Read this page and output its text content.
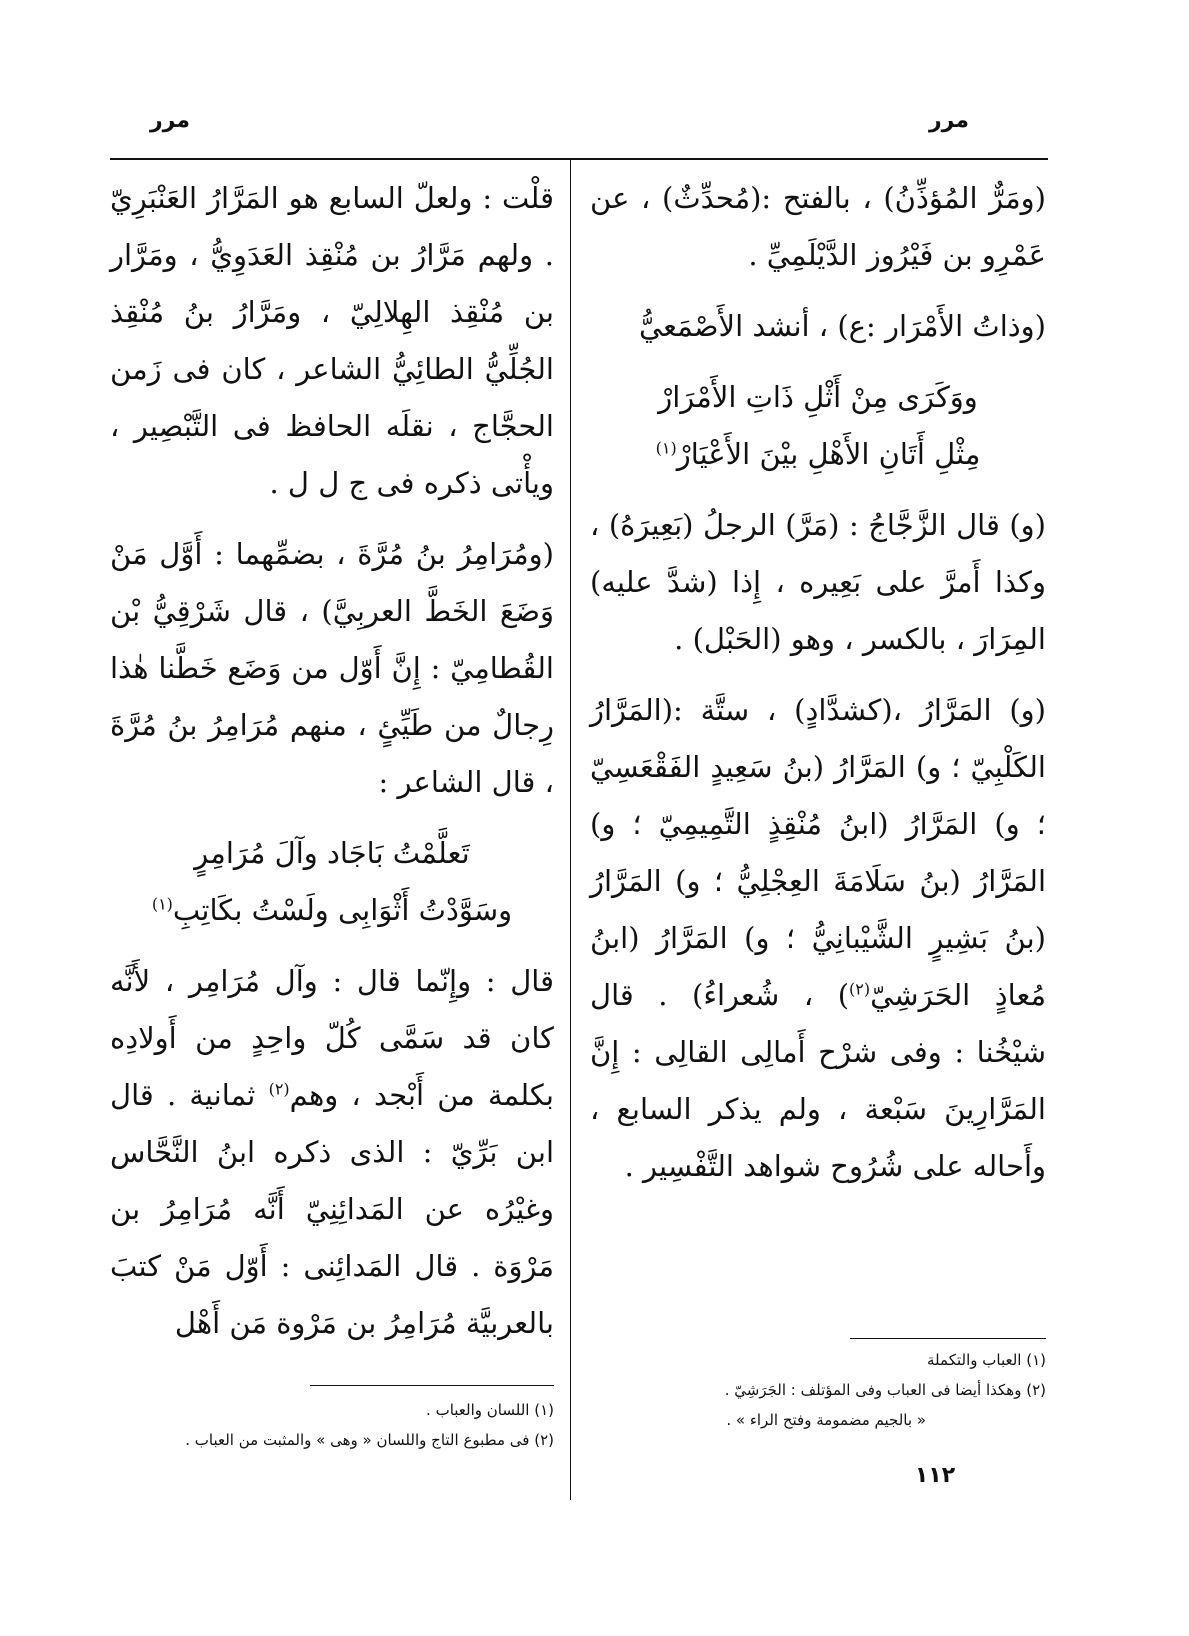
مرر
مرر

(ومَرٌّ المُؤذِّنُ) ، بالفتح :(مُحدِّثٌ) ، عن عَمْرِو بن فَيْرُوز الدَّيْلَمِيِّ .

(وذاتُ الأَمْرَار :ع) ، أنشد الأَصْمَعيُّ

ووَكَرَى مِنْ أَثْلِ ذَاتِ الأَمْرَارْ
مِثْلِ أَتَانِ الأَهْلِ بيْنَ الأَعْيَارْ$^{(١)}$

(و) قال الزَّجَّاجُ : (مَرَّ) الرجلُ (بَعِيرَهُ) ، وكذا أَمرَّ على بَعِيره ، إِذا (شدَّ عليه) المِرَارَ ، بالكسر ، وهو (الحَبْل) .

(و) المَرَّارُ ،(كشدَّادٍ) ، ستَّة :(المَرَّارُ الكَلْبِيّ ؛ و) المَرَّارُ (بنُ سَعِيدٍ الفَقْعَسِيّ ؛ و) المَرَّارُ (ابنُ مُنْقِذٍ التَّمِيمِيّ ؛ و) المَرَّارُ (بنُ سَلَامَةَ العِجْلِيُّ ؛ و) المَرَّارُ (بنُ بَشِيرٍ الشَّيْبانِيُّ ؛ و) المَرَّارُ (ابنُ مُعاذٍ الحَرَشِيّ$^{(٢)}$) ، شُعراءُ) . قال شيْخُنا : وفى شرْح أَمالِى القالِى : إِنَّ المَرَّارِينَ سَبْعة ، ولم يذكر السابع ، وأَحاله على شُرُوح شواهد التَّفْسِير .

قلْت : ولعلّ السابع هو المَرَّارُ العَنْبَرِيّ . ولهم مَرَّارُ بن مُنْقِذ العَدَوِيُّ ، ومَرَّار بن مُنْقِذ الهِلالِيّ ، ومَرَّارُ بنُ مُنْقِذ الجُلِّيُّ الطائِيُّ الشاعر ، كان فى زَمن الحجَّاج ، نقلَه الحافظ فى التَّبْصِير ، ويأْتى ذكره فى ج ل ل .

(ومُرَامِرُ بنُ مُرَّةَ ، بضمِّهما : أَوَّل مَنْ وَضَعَ الخَطَّ العربِيَّ) ، قال شَرْقِيُّ بْن القُطامِيّ : إِنَّ أَوّل من وَضَع خَطَّنا هٰذا رِجالٌ من طَيِّئٍ ، منهم مُرَامِرُ بنُ مُرَّةَ ، قال الشاعر :

تَعلَّمْتُ بَاجَاد وآلَ مُرَامِرٍ
وسَوَّدْتُ أَثْوَابِى ولَسْتُ بكَاتِبِ$^{(١)}$

قال : وإِنّما قال : وآل مُرَامِر ، لأَنَّه كان قد سَمَّى كُلّ واحِدٍ من أَولادِه بكلمة من أَبْجد ، وهم$^{(٢)}$ ثمانية . قال ابن بَرِّيّ : الذى ذكره ابنُ النَّحَّاس وغيْرُه عن المَدائِنِيّ أَنَّه مُرَامِرُ بن مَرْوَة . قال المَدائِنى : أَوّل مَنْ كتبَ بالعربيَّة مُرَامِرُ بن مَرْوة مَن أَهْل

(١) العباب والتكملة
(٢) وهكذا أيضا فى العباب وفى المؤتلف : الجَرَشِيّ .
« بالجيم مضمومة وفتح الراء » .
(١) اللسان والعباب .
(٢) فى مطبوع التاج واللسان « وهى » والمثبت من العباب .
١١٢
